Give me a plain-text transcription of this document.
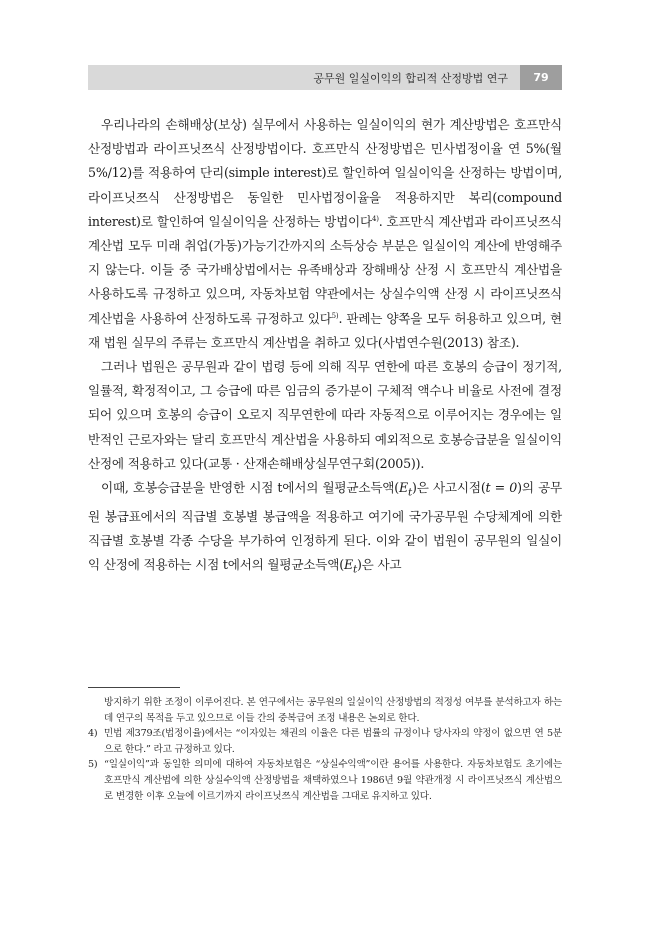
공무원 일실이익의 합리적 산정방법 연구	79

우리나라의 손해배상(보상) 실무에서 사용하는 일실이익의 현가 계산방법은 호프만식 산정방법과 라이프닛쯔식 산정방법이다. 호프만식 산정방법은 민사법정이율 연 5%(월5%/12)를 적용하여 단리(simple interest)로 할인하여 일실이익을 산정하는 방법이며, 라이프닛쯔식 산정방법은 동일한 민사법정이율을 적용하지만 복리(compound interest)로 할인하여 일실이익을 산정하는 방법이다$^{4)}$. 호프만식 계산법과 라이프닛쯔식 계산법 모두 미래 취업(가동)가능기간까지의 소득상승 부분은 일실이익 계산에 반영해주지 않는다. 이들 중 국가배상법에서는 유족배상과 장해배상 산정 시 호프만식 계산법을 사용하도록 규정하고 있으며, 자동차보험 약관에서는 상실수익액 산정 시 라이프닛쯔식 계산법을 사용하여 산정하도록 규정하고 있다$^{5)}$. 판례는 양쪽을 모두 허용하고 있으며, 현재 법원 실무의 주류는 호프만식 계산법을 취하고 있다(사법연수원(2013) 참조).

그러나 법원은 공무원과 같이 법령 등에 의해 직무 연한에 따른 호봉의 승급이 정기적, 일률적, 확정적이고, 그 승급에 따른 임금의 증가분이 구체적 액수나 비율로 사전에 결정되어 있으며 호봉의 승급이 오로지 직무연한에 따라 자동적으로 이루어지는 경우에는 일반적인 근로자와는 달리 호프만식 계산법을 사용하되 예외적으로 호봉승급분을 일실이익 산정에 적용하고 있다(교통 · 산재손해배상실무연구회(2005)).

이때, 호봉승급분을 반영한 시점 t에서의 월평균소득액$(E_t)$은 사고시점(t = 0)의 공무원 봉급표에서의 직급별 호봉별 봉급액을 적용하고 여기에 국가공무원 수당체계에 의한 직급별 호봉별 각종 수당을 부가하여 인정하게 된다. 이와 같이 법원이 공무원의 일실이익 산정에 적용하는 시점 t에서의 월평균소득액$(E_t)$은 사고

방지하기 위한 조정이 이루어진다. 본 연구에서는 공무원의 일실이익 산정방법의 적정성 여부를 분석하고자 하는데 연구의 목적을 두고 있으므로 이들 간의 중복급여 조정 내용은 논외로 한다.
4) 민법 제379조(법정이율)에서는 “이자있는 채권의 이율은 다른 법률의 규정이나 당사자의 약정이 없으면 연 5분으로 한다.” 라고 규정하고 있다.
5) “일실이익”과 동일한 의미에 대하여 자동차보험은 “상실수익액”이란 용어를 사용한다. 자동차보험도 초기에는 호프만식 계산법에 의한 상실수익액 산정방법을 채택하였으나 1986년 9월 약관개정 시 라이프닛쯔식 계산법으로 변경한 이후 오늘에 이르기까지 라이프닛쯔식 계산법을 그대로 유지하고 있다.
